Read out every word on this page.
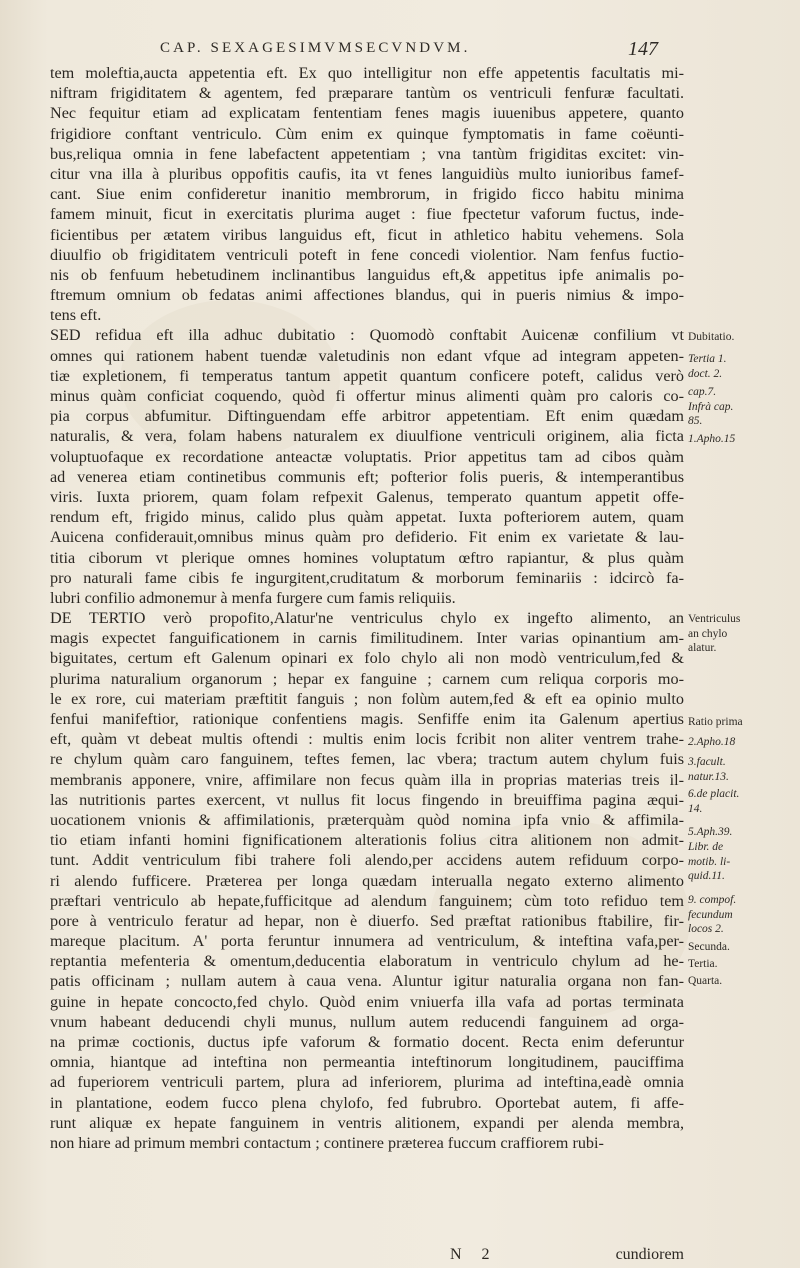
CAP. SEXAGESIMVMSECVNDVM.	147
tem moleftia,aucta appetentia eft. Ex quo intelligitur non effe appetentis facultatis mi-
niftram frigiditatem & agentem, fed præparare tantùm os ventriculi fenfuræ facultati.
Nec fequitur etiam ad explicatam fententiam fenes magis iuuenibus appetere, quanto
frigidiore conftant ventriculo. Cùm enim ex quinque fymptomatis in fame coëunti-
bus,reliqua omnia in fene labefactent appetentiam ; vna tantùm frigiditas excitet: vin-
citur vna illa à pluribus oppofitis caufis, ita vt fenes languidiùs multo iunioribus famef-
cant. Siue enim confideretur inanitio membrorum, in frigido ficco habitu minima
famem minuit, ficut in exercitatis plurima auget : fiue fpectetur vaforum fuctus, inde-
ficientibus per ætatem viribus languidus eft, ficut in athletico habitu vehemens. Sola
diuulfio ob frigiditatem ventriculi poteft in fene concedi violentior. Nam fenfus fuctio-
nis ob fenfuum hebetudinem inclinantibus languidus eft,& appetitus ipfe animalis po-
ftremum omnium ob fedatas animi affectiones blandus, qui in pueris nimius & impo-
tens eft.
SED refidua eft illa adhuc dubitatio : Quomodò conftabit Auicenæ confilium vt
omnes qui rationem habent tuendæ valetudinis non edant vfque ad integram appeten-
tiæ expletionem, fi temperatus tantum appetit quantum conficere poteft, calidus verò
minus quàm conficiat coquendo, quòd fi offertur minus alimenti quàm pro caloris co-
pia corpus abfumitur. Diftinguendam effe arbitror appetentiam. Eft enim quædam
naturalis, & vera, folam habens naturalem ex diuulfione ventriculi originem, alia ficta
voluptuofaque ex recordatione anteactæ voluptatis. Prior appetitus tam ad cibos quàm
ad venerea etiam continetibus communis eft; pofterior folis pueris, & intemperantibus
viris. Iuxta priorem, quam folam refpexit Galenus, temperato quantum appetit offe-
rendum eft, frigido minus, calido plus quàm appetat. Iuxta pofteriorem autem, quam
Auicena confiderauit,omnibus minus quàm pro defiderio. Fit enim ex varietate & lau-
titia ciborum vt plerique omnes homines voluptatum œftro rapiantur, & plus quàm
pro naturali fame cibis fe ingurgitent,cruditatum & morborum feminariis : idcircò fa-
lubri confilio admonemur à menfa furgere cum famis reliquiis.
DE TERTIO verò propofito,Alatur'ne ventriculus chylo ex ingefto alimento, an
magis expectet fanguificationem in carnis fimilitudinem. Inter varias opinantium am-
biguitates, certum eft Galenum opinari ex folo chylo ali non modò ventriculum,fed &
plurima naturalium organorum ; hepar ex fanguine ; carnem cum reliqua corporis mo-
le ex rore, cui materiam præftitit fanguis ; non folùm autem,fed & eft ea opinio multo
fenfui manifeftior, rationique confentiens magis. Senfiffe enim ita Galenum apertius
eft, quàm vt debeat multis oftendi : multis enim locis fcribit non aliter ventrem trahe-
re chylum quàm caro fanguinem, teftes femen, lac vbera; tractum autem chylum fuis
membranis apponere, vnire, affimilare non fecus quàm illa in proprias materias treis il-
las nutritionis partes exercent, vt nullus fit locus fingendo in breuiffima pagina æqui-
uocationem vnionis & affimilationis, præterquàm quòd nomina ipfa vnio & affimila-
tio etiam infanti homini fignificationem alterationis folius citra alitionem non admit-
tunt. Addit ventriculum fibi trahere foli alendo,per accidens autem refiduum corpo-
ri alendo fufficere. Præterea per longa quædam interualla negato externo alimento
præftari ventriculo ab hepate,fufficitque ad alendum fanguinem; cùm toto refiduo tem
pore à ventriculo feratur ad hepar, non è diuerfo. Sed præftat rationibus ftabilire, fir-
mareque placitum. A' porta feruntur innumera ad ventriculum, & inteftina vafa,per-
reptantia mefenteria & omentum,deducentia elaboratum in ventriculo chylum ad he-
patis officinam ; nullam autem à caua vena. Aluntur igitur naturalia organa non fan-
guine in hepate concocto,fed chylo. Quòd enim vniuerfa illa vafa ad portas terminata
vnum habeant deducendi chyli munus, nullum autem reducendi fanguinem ad orga-
na primæ coctionis, ductus ipfe vaforum & formatio docent. Recta enim deferuntur
omnia, hiantque ad inteftina non permeantia inteftinorum longitudinem, pauciffima
ad fuperiorem ventriculi partem, plura ad inferiorem, plurima ad inteftina,eadè omnia
in plantatione, eodem fucco plena chylofo, fed fubrubro. Oportebat autem, fi affe-
runt aliquæ ex hepate fanguinem in ventris alitionem, expandi per alenda membra,
non hiare ad primum membri contactum ; continere præterea fuccum craffiorem rubi-
Dubitatio.
Tertia 1.
doct. 2.
cap.7.
Infrà cap.
85.
1.Apho.15
Ventriculus
an chylo
alatur.
Ratio prima
2.Apho.18
3.facult.
natur.13.
6.de placit.
14.
5.Aph.39.
Libr. de
motib. li-
quid.11.
9. compof.
fecundum
locos 2.
Secunda.
Tertia.
Quarta.
N 2	cundiorem
